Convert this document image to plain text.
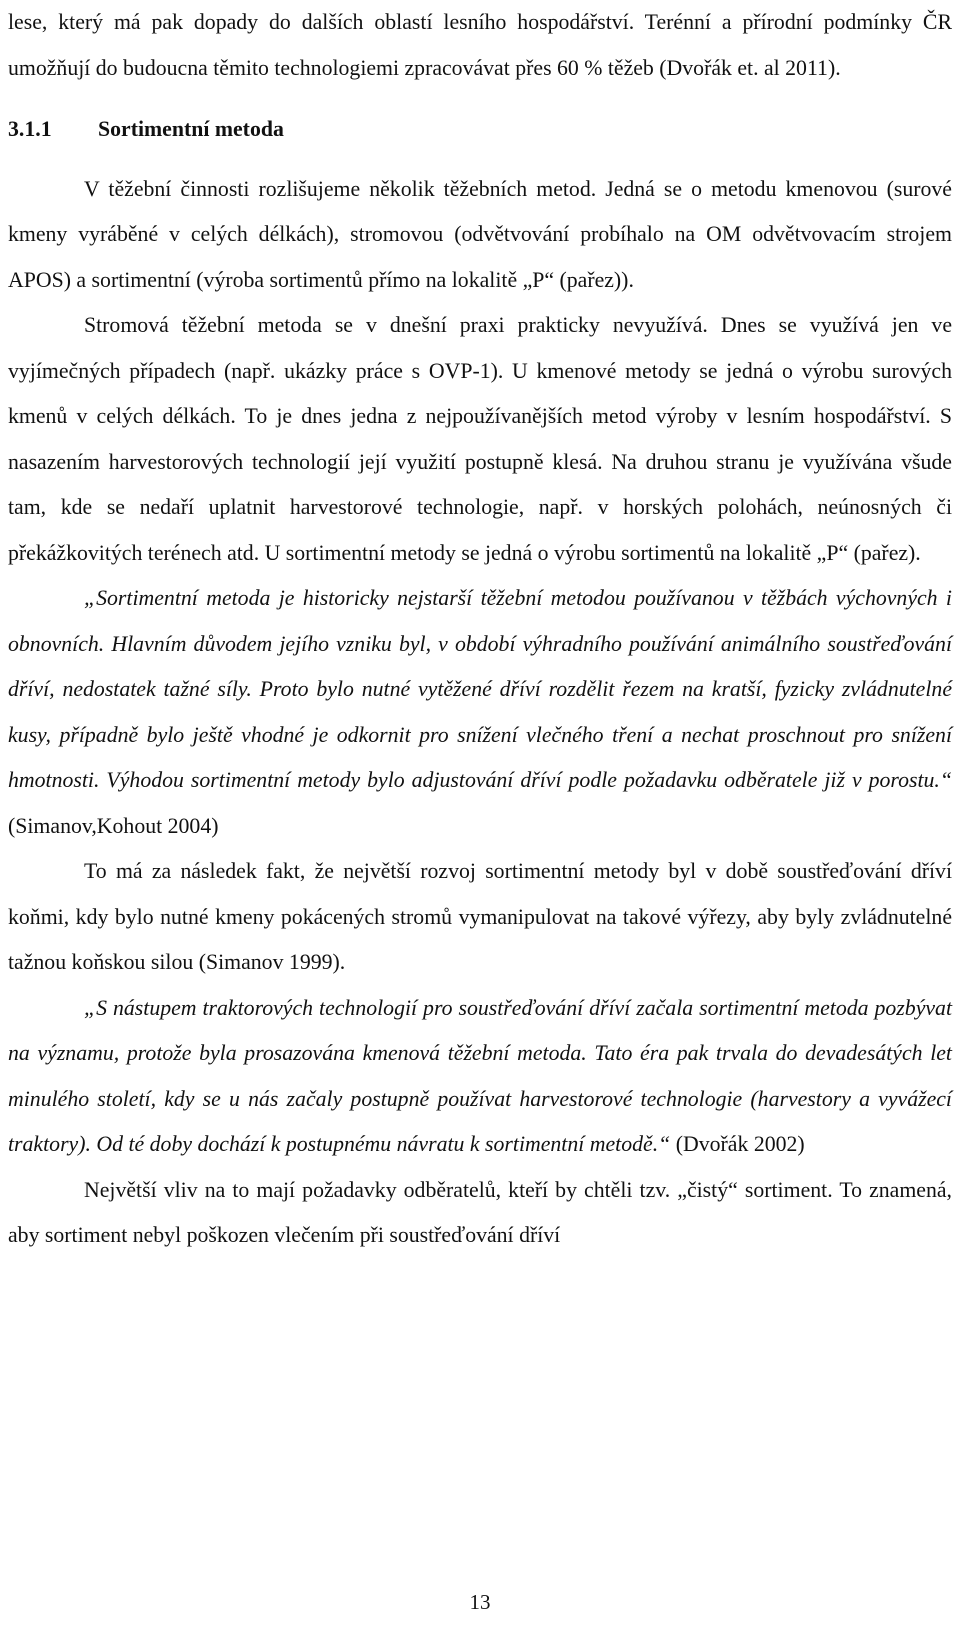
lese, který má pak dopady do dalších oblastí lesního hospodářství. Terénní a přírodní podmínky ČR umožňují do budoucna těmito technologiemi zpracovávat přes 60 % těžeb (Dvořák et. al 2011).

3.1.1 Sortimentní metoda

V těžební činnosti rozlišujeme několik těžebních metod. Jedná se o metodu kmenovou (surové kmeny vyráběné v celých délkách), stromovou (odvětvování probíhalo na OM odvětvovacím strojem APOS) a sortimentní (výroba sortimentů přímo na lokalitě „P“ (pařez)).

Stromová těžební metoda se v dnešní praxi prakticky nevyužívá. Dnes se využívá jen ve vyjímečných případech (např. ukázky práce s OVP-1). U kmenové metody se jedná o výrobu surových kmenů v celých délkách. To je dnes jedna z nejpoužívanějších metod výroby v lesním hospodářství. S nasazením harvestorových technologií její využití postupně klesá. Na druhou stranu je využívána všude tam, kde se nedaří uplatnit harvestorové technologie, např. v horských polohách, neúnosných či překážkovitých terénech atd. U sortimentní metody se jedná o výrobu sortimentů na lokalitě „P“ (pařez).

„Sortimentní metoda je historicky nejstarší těžební metodou používanou v těžbách výchovných i obnovních. Hlavním důvodem jejího vzniku byl, v období výhradního používání animálního soustřeďování dříví, nedostatek tažné síly. Proto bylo nutné vytěžené dříví rozdělit řezem na kratší, fyzicky zvládnutelné kusy, případně bylo ještě vhodné je odkornit pro snížení vlečného tření a nechat proschnout pro snížení hmotnosti. Výhodou sortimentní metody bylo adjustování dříví podle požadavku odběratele již v porostu.“ (Simanov,Kohout 2004)

To má za následek fakt, že největší rozvoj sortimentní metody byl v době soustřeďování dříví koňmi, kdy bylo nutné kmeny pokácených stromů vymanipulovat na takové výřezy, aby byly zvládnutelné tažnou koňskou silou (Simanov 1999).

„S nástupem traktorových technologií pro soustřeďování dříví začala sortimentní metoda pozbývat na významu, protože byla prosazována kmenová těžební metoda. Tato éra pak trvala do devadesátých let minulého století, kdy se u nás začaly postupně používat harvestorové technologie (harvestory a vyvážecí traktory). Od té doby dochází k postupnému návratu k sortimentní metodě.“ (Dvořák 2002)

Největší vliv na to mají požadavky odběratelů, kteří by chtěli tzv. „čistý“ sortiment. To znamená, aby sortiment nebyl poškozen vlečením při soustřeďování dříví

13
